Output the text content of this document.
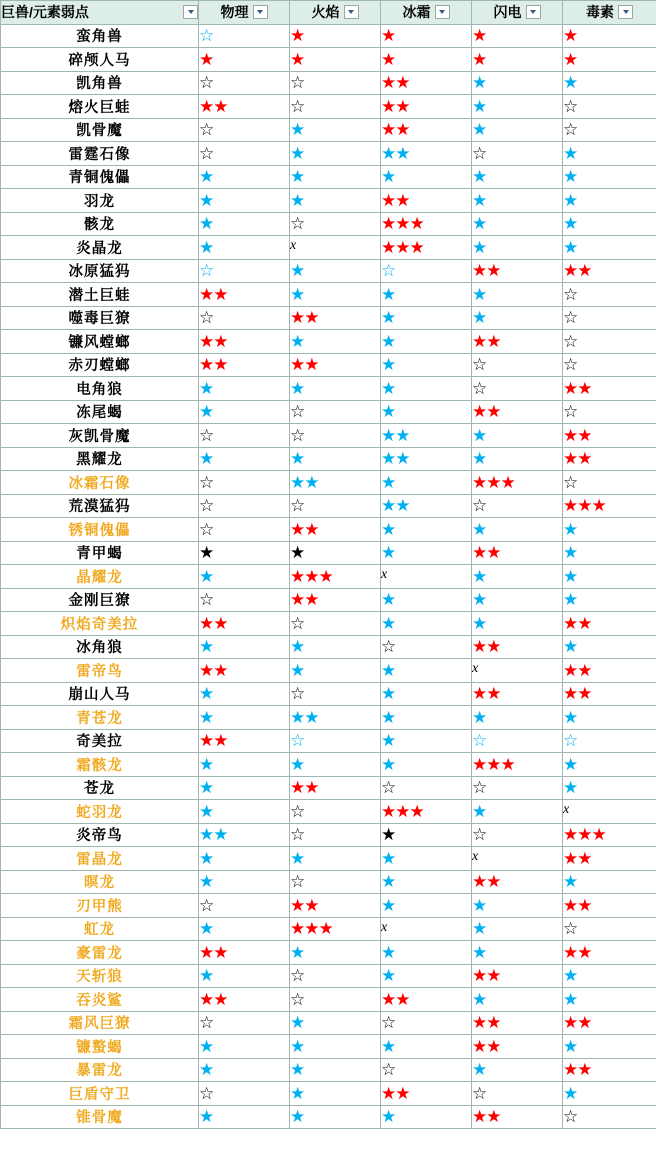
巨兽/元素弱点	物理	火焰	冰霜	闪电	毒素

蛮角兽	☆	★	★	★	★
碎颅人马	★	★	★	★	★
凯角兽	☆	☆	★★	★	★
熔火巨蛙	★★	☆	★★	★	☆
凯骨魔	☆	★	★★	★	☆
雷霆石像	☆	★	★★	☆	★
青铜傀儡	★	★	★	★	★
羽龙	★	★	★★	★	★
骸龙	★	☆	★★★	★	★
炎晶龙	★	x	★★★	★	★
冰原猛犸	☆	★	☆	★★	★★
潜土巨蛙	★★	★	★	★	☆
噬毒巨獠	☆	★★	★	★	☆
镰风螳螂	★★	★	★	★★	☆
赤刃螳螂	★★	★★	★	☆	☆
电角狼	★	★	★	☆	★★
冻尾蝎	★	☆	★	★★	☆
灰凯骨魔	☆	☆	★★	★	★★
黑耀龙	★	★	★★	★	★★
冰霜石像	☆	★★	★	★★★	☆
荒漠猛犸	☆	☆	★★	☆	★★★
锈铜傀儡	☆	★★	★	★	★
青甲蝎	★	★	★	★★	★
晶耀龙	★	★★★	x	★	★
金刚巨獠	☆	★★	★	★	★
炽焰奇美拉	★★	☆	★	★	★★
冰角狼	★	★	☆	★★	★
雷帝鸟	★★	★	★	x	★★
崩山人马	★	☆	★	★★	★★
青苍龙	★	★★	★	★	★
奇美拉	★★	☆	★	☆	☆
霜骸龙	★	★	★	★★★	★
苍龙	★	★★	☆	☆	★
蛇羽龙	★	☆	★★★	★	x
炎帝鸟	★★	☆	★	☆	★★★
雷晶龙	★	★	★	x	★★
暝龙	★	☆	★	★★	★
刃甲熊	☆	★★	★	★	★★
虹龙	★	★★★	x	★	☆
豪雷龙	★★	★	★	★	★★
天斩狼	★	☆	★	★★	★
吞炎鲨	★★	☆	★★	★	★
霜风巨獠	☆	★	☆	★★	★★
镰螯蝎	★	★	★	★★	★
暴雷龙	★	★	☆	★	★★
巨盾守卫	☆	★	★★	☆	★
锥骨魔	★	★	★	★★	☆
